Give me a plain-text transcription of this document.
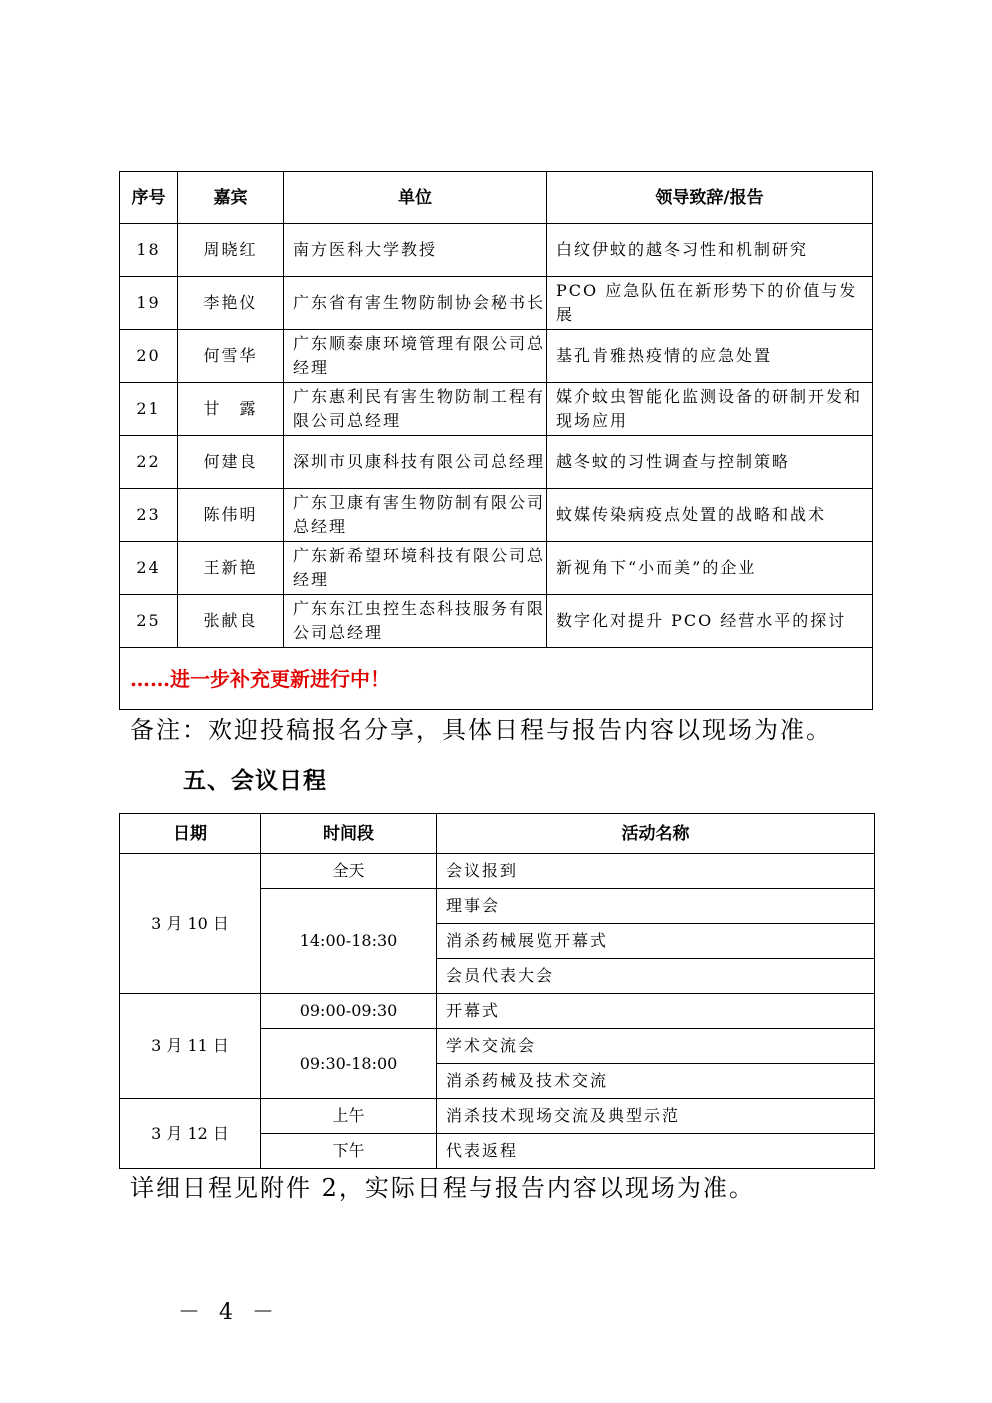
序号	嘉宾	单位	领导致辞/报告
18	周晓红	南方医科大学教授	白纹伊蚊的越冬习性和机制研究
19	李艳仪	广东省有害生物防制协会秘书长	PCO 应急队伍在新形势下的价值与发展
20	何雪华	广东顺泰康环境管理有限公司总经理	基孔肯雅热疫情的应急处置
21	甘　露	广东惠利民有害生物防制工程有限公司总经理	媒介蚊虫智能化监测设备的研制开发和现场应用
22	何建良	深圳市贝康科技有限公司总经理	越冬蚊的习性调查与控制策略
23	陈伟明	广东卫康有害生物防制有限公司总经理	蚊媒传染病疫点处置的战略和战术
24	王新艳	广东新希望环境科技有限公司总经理	新视角下“小而美”的企业
25	张献良	广东东江虫控生态科技服务有限公司总经理	数字化对提升 PCO 经营水平的探讨
……进一步补充更新进行中！			
备注：欢迎投稿报名分享，具体日程与报告内容以现场为准。
五、会议日程
日期	时间段	活动名称
3 月 10 日	全天	会议报到
	14:00-18:30	理事会
		消杀药械展览开幕式
		会员代表大会
3 月 11 日	09:00-09:30	开幕式
	09:30-18:00	学术交流会
		消杀药械及技术交流
3 月 12 日	上午	消杀技术现场交流及典型示范
	下午	代表返程
详细日程见附件 2，实际日程与报告内容以现场为准。
－ 4 －
